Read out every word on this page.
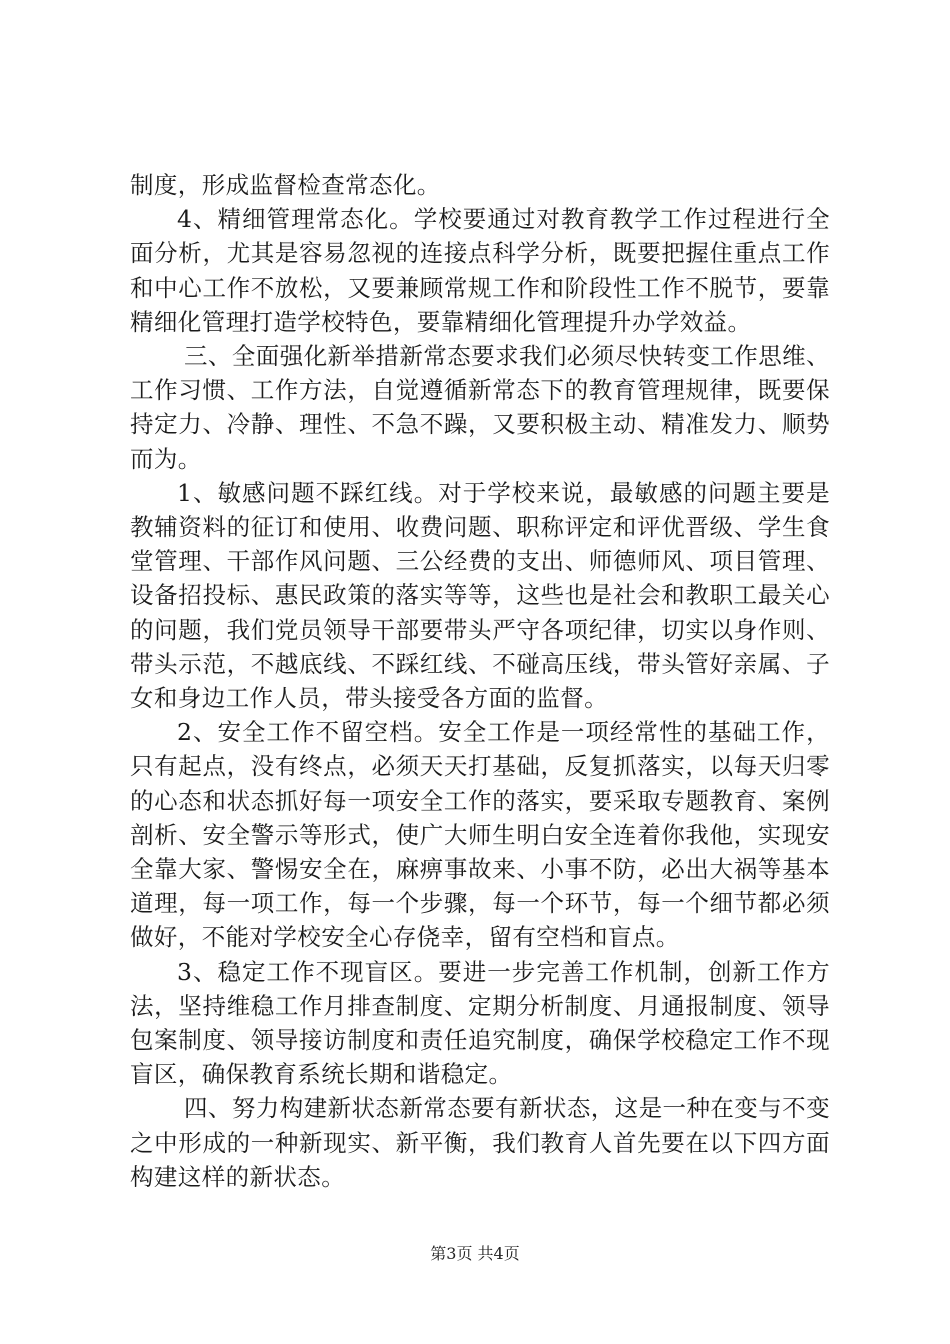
制度，形成监督检查常态化。

4、精细管理常态化。学校要通过对教育教学工作过程进行全面分析，尤其是容易忽视的连接点科学分析，既要把握住重点工作和中心工作不放松，又要兼顾常规工作和阶段性工作不脱节，要靠精细化管理打造学校特色，要靠精细化管理提升办学效益。

三、全面强化新举措新常态要求我们必须尽快转变工作思维、工作习惯、工作方法，自觉遵循新常态下的教育管理规律，既要保持定力、冷静、理性、不急不躁，又要积极主动、精准发力、顺势而为。

1、敏感问题不踩红线。对于学校来说，最敏感的问题主要是教辅资料的征订和使用、收费问题、职称评定和评优晋级、学生食堂管理、干部作风问题、三公经费的支出、师德师风、项目管理、设备招投标、惠民政策的落实等等，这些也是社会和教职工最关心的问题，我们党员领导干部要带头严守各项纪律，切实以身作则、带头示范，不越底线、不踩红线、不碰高压线，带头管好亲属、子女和身边工作人员，带头接受各方面的监督。

2、安全工作不留空档。安全工作是一项经常性的基础工作，只有起点，没有终点，必须天天打基础，反复抓落实，以每天归零的心态和状态抓好每一项安全工作的落实，要采取专题教育、案例剖析、安全警示等形式，使广大师生明白安全连着你我他，实现安全靠大家、警惕安全在，麻痹事故来、小事不防，必出大祸等基本道理，每一项工作，每一个步骤，每一个环节，每一个细节都必须做好，不能对学校安全心存侥幸，留有空档和盲点。

3、稳定工作不现盲区。要进一步完善工作机制，创新工作方法，坚持维稳工作月排查制度、定期分析制度、月通报制度、领导包案制度、领导接访制度和责任追究制度，确保学校稳定工作不现盲区，确保教育系统长期和谐稳定。

四、努力构建新状态新常态要有新状态，这是一种在变与不变之中形成的一种新现实、新平衡，我们教育人首先要在以下四方面构建这样的新状态。

第3页 共4页
